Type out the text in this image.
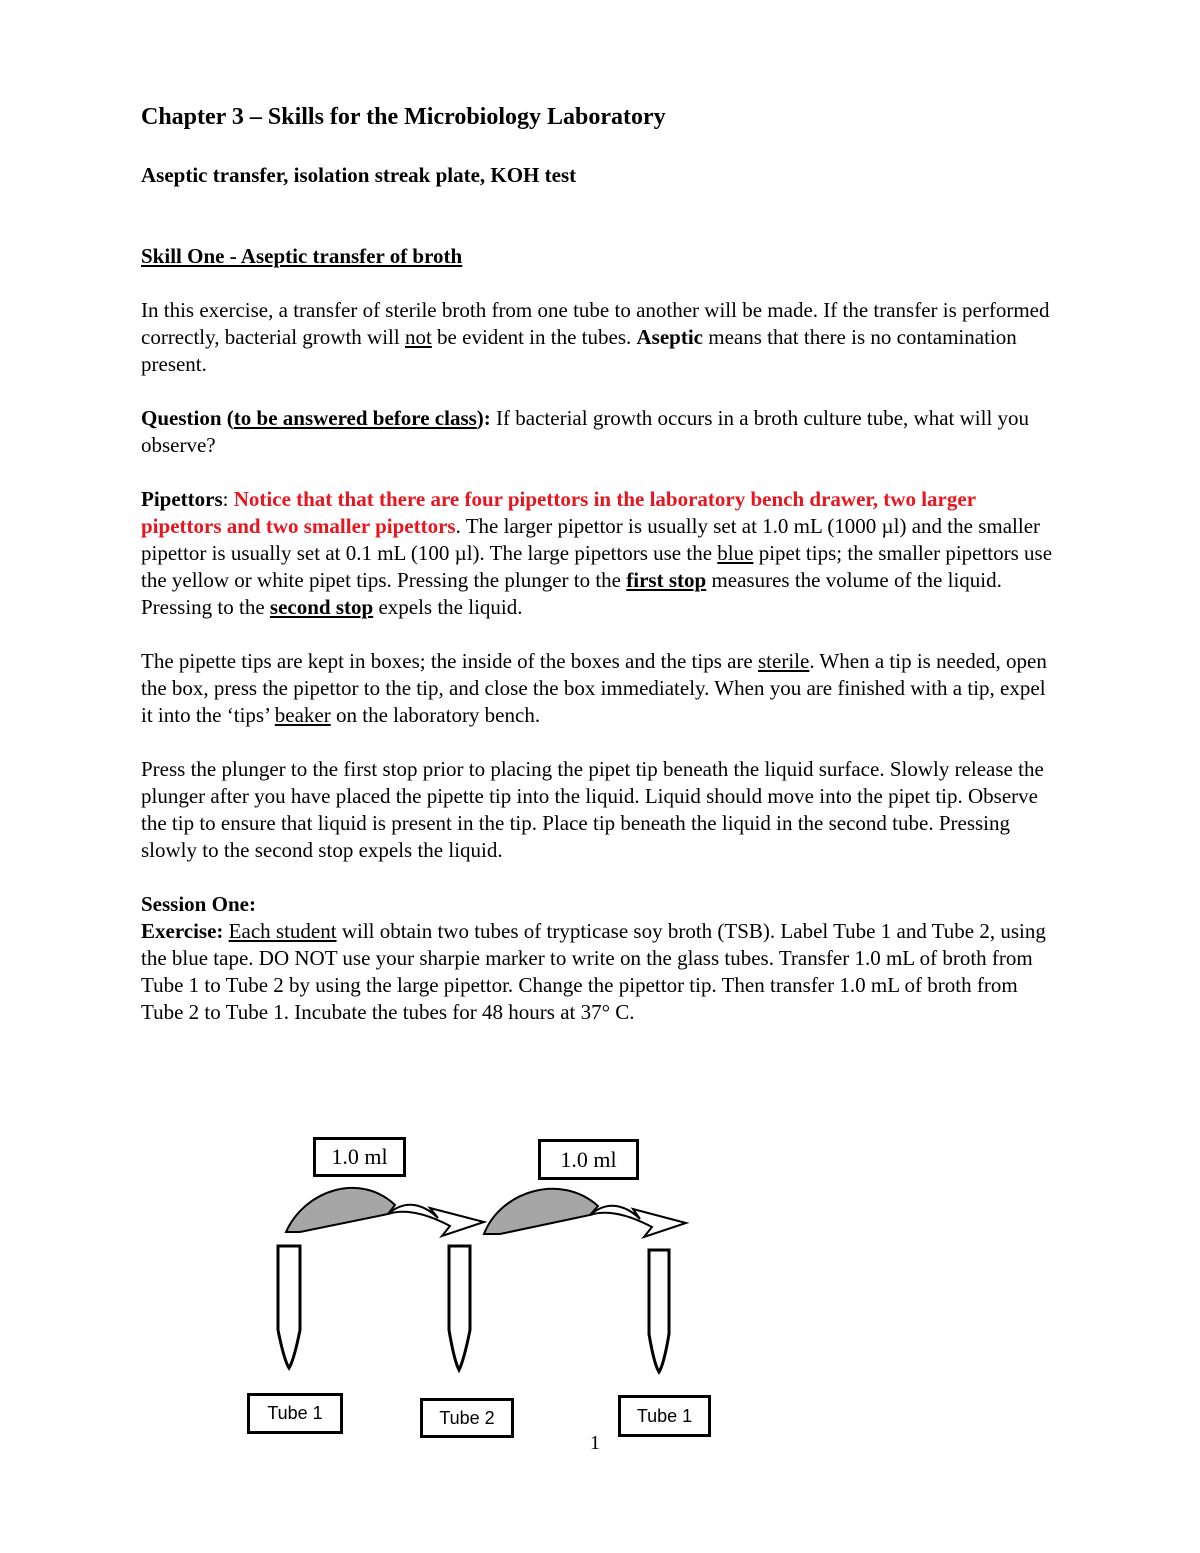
Chapter 3 – Skills for the Microbiology Laboratory
Aseptic transfer, isolation streak plate, KOH test
Skill One - Aseptic transfer of broth

In this exercise, a transfer of sterile broth from one tube to another will be made. If the transfer is performed correctly, bacterial growth will not be evident in the tubes. Aseptic means that there is no contamination present.

Question (to be answered before class): If bacterial growth occurs in a broth culture tube, what will you observe?

Pipettors: Notice that that there are four pipettors in the laboratory bench drawer, two larger pipettors and two smaller pipettors. The larger pipettor is usually set at 1.0 mL (1000 µl) and the smaller pipettor is usually set at 0.1 mL (100 µl). The large pipettors use the blue pipet tips; the smaller pipettors use the yellow or white pipet tips. Pressing the plunger to the first stop measures the volume of the liquid. Pressing to the second stop expels the liquid.

The pipette tips are kept in boxes; the inside of the boxes and the tips are sterile. When a tip is needed, open the box, press the pipettor to the tip, and close the box immediately. When you are finished with a tip, expel it into the ‘tips’ beaker on the laboratory bench.

Press the plunger to the first stop prior to placing the pipet tip beneath the liquid surface. Slowly release the plunger after you have placed the pipette tip into the liquid. Liquid should move into the pipet tip. Observe the tip to ensure that liquid is present in the tip. Place tip beneath the liquid in the second tube. Pressing slowly to the second stop expels the liquid.

Session One:

Exercise: Each student will obtain two tubes of trypticase soy broth (TSB). Label Tube 1 and Tube 2, using the blue tape. DO NOT use your sharpie marker to write on the glass tubes. Transfer 1.0 mL of broth from Tube 1 to Tube 2 by using the large pipettor. Change the pipettor tip. Then transfer 1.0 mL of broth from Tube 2 to Tube 1. Incubate the tubes for 48 hours at 37° C.

1.0 ml	1.0 ml
Tube 1	Tube 2	Tube 1
1
